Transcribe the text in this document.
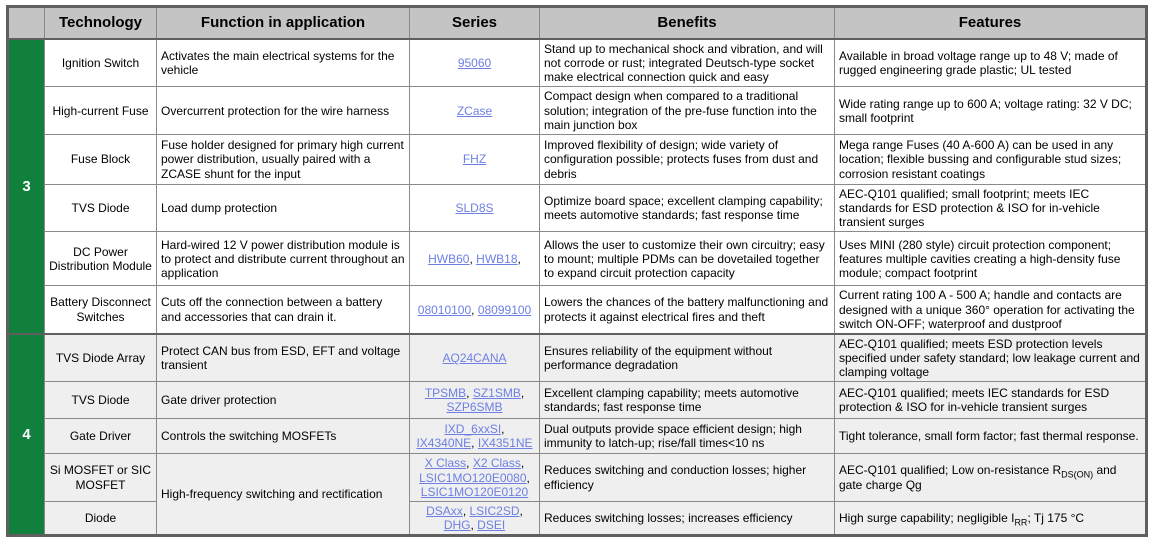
	Technology	Function in application	Series	Benefits	Features
3	Ignition Switch	Activates the main electrical systems for the vehicle	95060	Stand up to mechanical shock and vibration, and will not corrode or rust; integrated Deutsch-type socket make electrical connection quick and easy	Available in broad voltage range up to 48 V; made of rugged engineering grade plastic; UL tested
	High-current Fuse	Overcurrent protection for the wire harness	ZCase	Compact design when compared to a traditional solution; integration of the pre-fuse function into the main junction box	Wide rating range up to 600 A; voltage rating: 32 V DC; small footprint
	Fuse Block	Fuse holder designed for primary high current power distribution, usually paired with a ZCASE shunt for the input	FHZ	Improved flexibility of design; wide variety of configuration possible; protects fuses from dust and debris	Mega range Fuses (40 A-600 A) can be used in any location; flexible bussing and configurable stud sizes; corrosion resistant coatings
	TVS Diode	Load dump protection	SLD8S	Optimize board space; excellent clamping capability; meets automotive standards; fast response time	AEC-Q101 qualified; small footprint; meets IEC standards for ESD protection & ISO for in-vehicle transient surges
	DC Power Distribution Module	Hard-wired 12 V power distribution module is to protect and distribute current throughout an application	HWB60, HWB18,	Allows the user to customize their own circuitry; easy to mount; multiple PDMs can be dovetailed together to expand circuit protection capacity	Uses MINI (280 style) circuit protection component; features multiple cavities creating a high-density fuse module; compact footprint
	Battery Disconnect Switches	Cuts off the connection between a battery and accessories that can drain it.	08010100, 08099100	Lowers the chances of the battery malfunctioning and protects it against electrical fires and theft	Current rating 100 A - 500 A; handle and contacts are designed with a unique 360° operation for activating the switch ON-OFF; waterproof and dustproof
4	TVS Diode Array	Protect CAN bus from ESD, EFT and voltage transient	AQ24CANA	Ensures reliability of the equipment without performance degradation	AEC-Q101 qualified; meets ESD protection levels specified under safety standard; low leakage current and clamping voltage
	TVS Diode	Gate driver protection	TPSMB, SZ1SMB, SZP6SMB	Excellent clamping capability; meets automotive standards; fast response time	AEC-Q101 qualified; meets IEC standards for ESD protection & ISO for in-vehicle transient surges
	Gate Driver	Controls the switching MOSFETs	IXD_6xxSI, IX4340NE, IX4351NE	Dual outputs provide space efficient design; high immunity to latch-up; rise/fall times<10 ns	Tight tolerance, small form factor; fast thermal response.
	Si MOSFET or SIC MOSFET	High-frequency switching and rectification	X Class, X2 Class, LSIC1MO120E0080, LSIC1MO120E0120	Reduces switching and conduction losses; higher efficiency	AEC-Q101 qualified; Low on-resistance $R_{DS(ON)}$ and gate charge Qg
	Diode		DSAxx, LSIC2SD, DHG, DSEI	Reduces switching losses; increases efficiency	High surge capability; negligible $I_{RR}$; Tj 175 °C
